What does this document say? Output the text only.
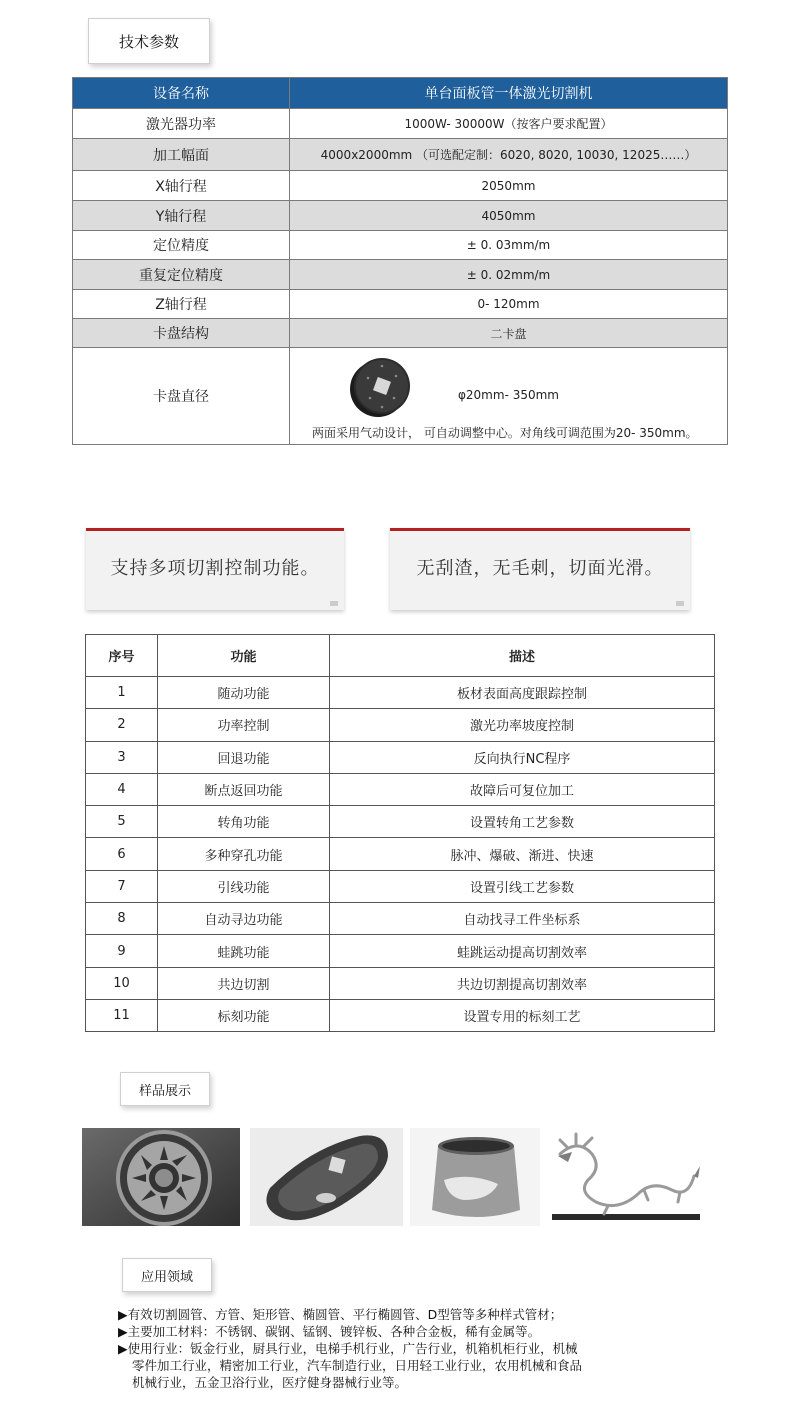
技术参数
设备名称	单台面板管一体激光切割机
激光器功率	1000W- 30000W（按客户要求配置）
加工幅面	4000x2000mm （可选配定制：6020, 8020, 10030, 12025……）
X轴行程	2050mm
Y轴行程	4050mm
定位精度	± 0. 03mm/m
重复定位精度	± 0. 02mm/m
Z轴行程	0- 120mm
卡盘结构	二卡盘
卡盘直径	φ20mm- 350mm
两面采用气动设计， 可自动调整中心。对角线可调范围为20- 350mm。
支持多项切割控制功能。	无刮渣，无毛刺，切面光滑。
序号	功能	描述
1	随动功能	板材表面高度跟踪控制
2	功率控制	激光功率坡度控制
3	回退功能	反向执行NC程序
4	断点返回功能	故障后可复位加工
5	转角功能	设置转角工艺参数
6	多种穿孔功能	脉冲、爆破、渐进、快速
7	引线功能	设置引线工艺参数
8	自动寻边功能	自动找寻工件坐标系
9	蛙跳功能	蛙跳运动提高切割效率
10	共边切割	共边切割提高切割效率
11	标刻功能	设置专用的标刻工艺
样品展示
应用领域

▶有效切割圆管、方管、矩形管、椭圆管、平行椭圆管、D型管等多种样式管材；

▶主要加工材料：不锈钢、碳钢、锰钢、镀锌板、各种合金板，稀有金属等。

▶使用行业：钣金行业，厨具行业，电梯手机行业，广告行业，机箱机柜行业，机械

零件加工行业，精密加工行业，汽车制造行业，日用轻工业行业，农用机械和食品

机械行业，五金卫浴行业，医疗健身器械行业等。
